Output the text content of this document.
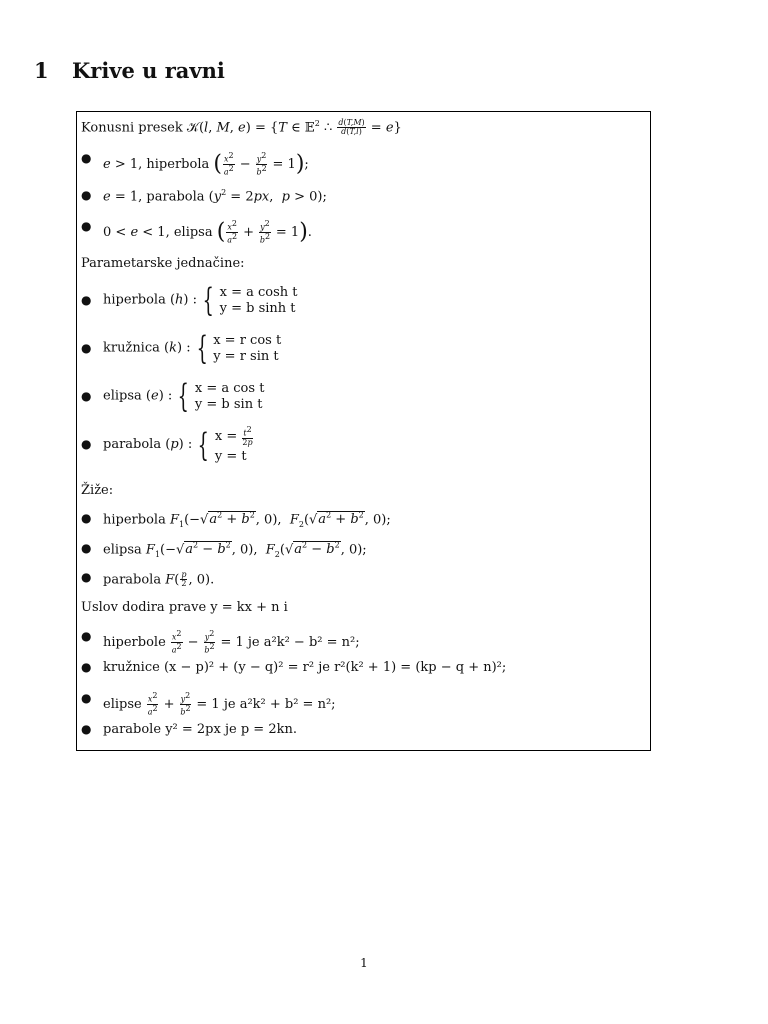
1 Krive u ravni
Konusni presek 𝒦(l, M, e) = {T ∈ 𝔼$^2$ ∴ $\frac{d(T,M)}{d(T,l)} = e$}
● e > 1, hiperbola ( $\frac{x^2}{a^2} - \frac{y^2}{b^2} = 1$);
● e = 1, parabola ($y^2 = 2px$,  p > 0);
● 0 < e < 1, elipsa ( $\frac{x^2}{a^2} + \frac{y^2}{b^2} = 1$).
Parametarske jednačine:
● hiperbola (h) : { x = a cosh t
y = b sinh t
● kružnica (k) : { x = r cos t
y = r sin t
● elipsa (e) : { x = a cos t
y = b sin t
● parabola (p) : { $x = \frac{t^2}{2p}$
y = t
Žiže:
● hiperbola $F_1(-√a^2 + b^2$, 0),  $F_2(√a^2 + b^2$, 0);
● elipsa $F_1(-√a^2 - b^2$, 0),  $F_2(√a^2 - b^2$, 0);
● parabola $F( \frac{p}{2}$ , 0).
Uslov dodira prave y = kx + n i
● hiperbole $\frac{x^2}{a^2} - \frac{y^2}{b^2} = 1$ je a²k² − b² = n²;
● kružnice (x − p)² + (y − q)² = r² je r²(k² + 1) = (kp − q + n)²;
● elipse $\frac{x^2}{a^2} + \frac{y^2}{b^2} = 1$ je a²k² + b² = n²;
● parabole y² = 2px je p = 2kn.
1
